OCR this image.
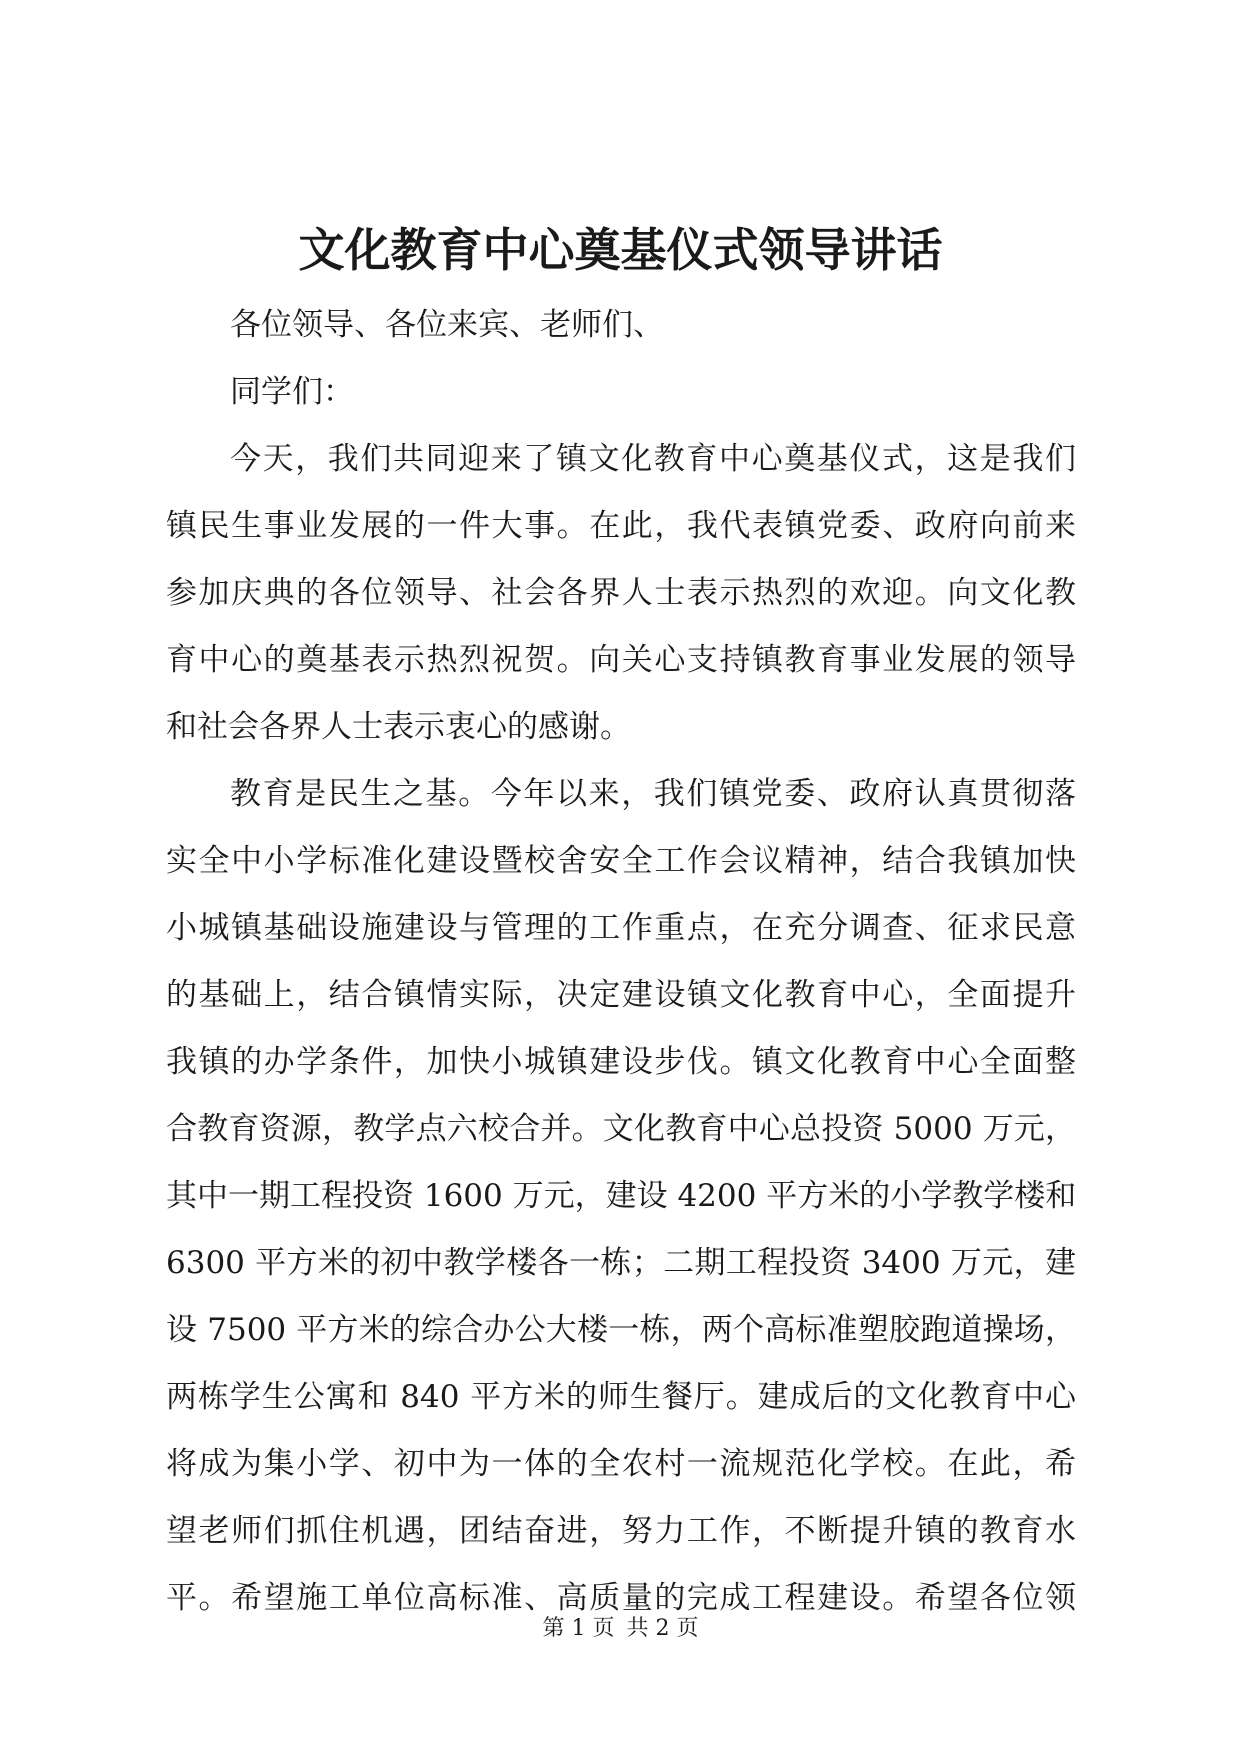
文化教育中心奠基仪式领导讲话
各位领导、各位来宾、老师们、
同学们：
今天，我们共同迎来了镇文化教育中心奠基仪式，这是我们
镇民生事业发展的一件大事。在此，我代表镇党委、政府向前来
参加庆典的各位领导、社会各界人士表示热烈的欢迎。向文化教
育中心的奠基表示热烈祝贺。向关心支持镇教育事业发展的领导
和社会各界人士表示衷心的感谢。
教育是民生之基。今年以来，我们镇党委、政府认真贯彻落
实全中小学标准化建设暨校舍安全工作会议精神，结合我镇加快
小城镇基础设施建设与管理的工作重点，在充分调查、征求民意
的基础上，结合镇情实际，决定建设镇文化教育中心，全面提升
我镇的办学条件，加快小城镇建设步伐。镇文化教育中心全面整
合教育资源，教学点六校合并。文化教育中心总投资 5000 万元，
其中一期工程投资 1600 万元，建设 4200 平方米的小学教学楼和
6300 平方米的初中教学楼各一栋；二期工程投资 3400 万元，建
设 7500 平方米的综合办公大楼一栋，两个高标准塑胶跑道操场，
两栋学生公寓和 840 平方米的师生餐厅。建成后的文化教育中心
将成为集小学、初中为一体的全农村一流规范化学校。在此，希
望老师们抓住机遇，团结奋进，努力工作，不断提升镇的教育水
平。希望施工单位高标准、高质量的完成工程建设。希望各位领
第 1 页 共 2 页
